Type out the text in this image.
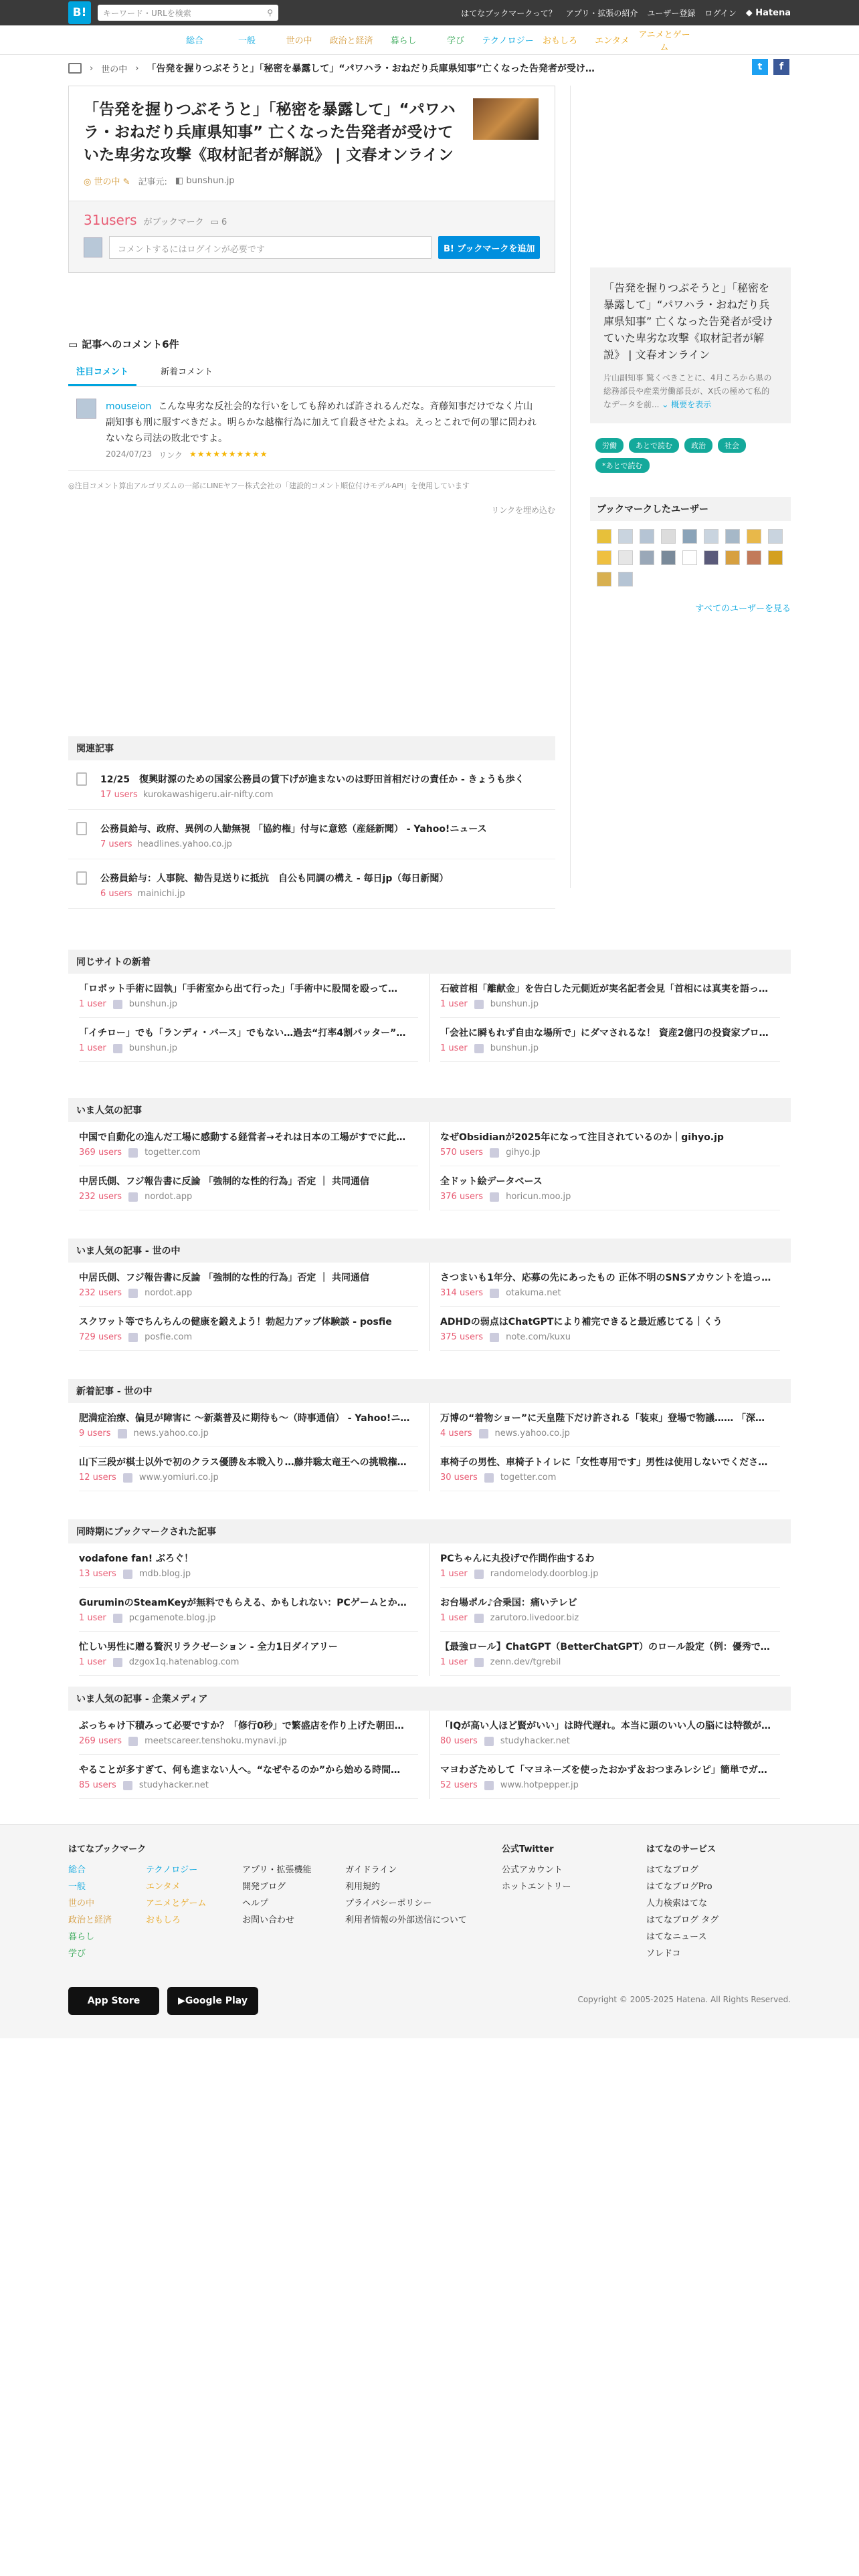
B!	キーワード・URLを検索	⚲	はてなブックマークって？ アプリ・拡張の紹介 ユーザー登録 ログイン ◆ Hatena
総合	一般	世の中	政治と経済	暮らし	学び	テクノロジー	おもしろ	エンタメ
アニメとゲーム
› 世の中 › 「告発を握りつぶそうと」「秘密を暴露して」“パワハラ・おねだり兵庫県知事”亡くなった告発者が受け…	t	f
「告発を握りつぶそうと」「秘密を暴露して」“パワハラ・おねだり兵庫県知事” 亡くなった告発者が受けていた卑劣な攻撃《取材記者が解説》 | 文春オンライン
◎ 世の中 ✎ 記事元: ◧ bunshun.jp
31users がブックマーク ▭ 6
コメントするにはログインが必要です	B! ブックマークを追加
▭ 記事へのコメント6件
注目コメント	新着コメント
mouseion こんな卑劣な反社会的な行いをしても辞めれば許されるんだな。斉藤知事だけでなく片山副知事も刑に服すべきだよ。明らかな越権行為に加えて自殺させたよね。えっとこれで何の罪に問われないなら司法の敗北ですよ。
2024/07/23 リンク ★★★★★★★★★★
◎注目コメント算出アルゴリズムの一部にLINEヤフー株式会社の「建設的コメント順位付けモデルAPI」を使用しています
リンクを埋め込む
関連記事
12/25　復興財源のための国家公務員の賃下げが進まないのは野田首相だけの責任か - きょうも歩く
17 users kurokawashigeru.air-nifty.com
公務員給与、政府、異例の人勧無視 「協約権」付与に意慾（産経新聞） - Yahoo!ニュース
7 users headlines.yahoo.co.jp
公務員給与：人事院、勧告見送りに抵抗　自公も同調の構え - 毎日jp（毎日新聞）
6 users mainichi.jp
「告発を握りつぶそうと」「秘密を暴露して」“パワハラ・おねだり兵庫県知事” 亡くなった告発者が受けていた卑劣な攻撃《取材記者が解説》 | 文春オンライン

片山副知事 驚くべきことに、4月ころから県の総務部長や産業労働部長が、X氏の極めて私的なデータを前... ⌄ 概要を表示

労働	あとで読む	政治	社会
*あとで読む
ブックマークしたユーザー
すべてのユーザーを見る
同じサイトの新着
「ロボット手術に固執」「手術室から出て行った」「手術中に股間を殴って…
1 user	bunshun.jp
「イチロー」でも「ランディ・バース」でもない…過去“打率4割バッター”…
1 user	bunshun.jp
石破首相「離献金」を告白した元側近が実名記者会見「首相には真実を語っ…
1 user	bunshun.jp
「会社に瞬もれず自由な場所で」にダマされるな！ 資産2億円の投資家ブロ…
1 user	bunshun.jp
いま人気の記事
中国で自動化の進んだ工場に感動する経営者→それは日本の工場がすでに此…
369 users	togetter.com
中居氏側、フジ報告書に反論 「強制的な性的行為」否定 ｜ 共同通信
232 users	nordot.app
なぜObsidianが2025年になって注目されているのか｜gihyo.jp
570 users	gihyo.jp
全ドット絵データベース
376 users	horicun.moo.jp
いま人気の記事 - 世の中
中居氏側、フジ報告書に反論 「強制的な性的行為」否定 ｜ 共同通信
232 users	nordot.app
スクワット等でちんちんの健康を鍛えよう！勃起力アップ体験談 - posfie
729 users	posfie.com
さつまいも1年分、応募の先にあったもの 正体不明のSNSアカウントを追っ…
314 users	otakuma.net
ADHDの弱点はChatGPTにより補完できると最近感じてる｜くう
375 users	note.com/kuxu
新着記事 - 世の中
肥満症治療、偏見が障害に ～新薬普及に期待も～（時事通信） - Yahoo!ニ…
9 users	news.yahoo.co.jp
山下三段が棋士以外で初のクラス優勝＆本戦入り…藤井聡太竜王への挑戦権…
12 users	www.yomiuri.co.jp
万博の“着物ショー”に天皇陛下だけ許される「装束」登場で物議…… 「深…
4 users	news.yahoo.co.jp
車椅子の男性、車椅子トイレに「女性専用です」男性は使用しないでくださ…
30 users	togetter.com
同時期にブックマークされた記事
vodafone fan! ぶろぐ！
13 users	mdb.blog.jp
GuruminのSteamKeyが無料でもらえる、かもしれない：PCゲームとか…
1 user	pcgamenote.blog.jp
忙しい男性に贈る贅沢リラクゼーション - 全力1日ダイアリー
1 user	dzgox1q.hatenablog.com
PCちゃんに丸投げで作問作曲するわ
1 user	randomelody.doorblog.jp
お台場ポル♪合乗国：痛いテレビ
1 user	zarutoro.livedoor.biz
【最強ロール】ChatGPT（BetterChatGPT）のロール設定（例：優秀で…
1 user	zenn.dev/tgrebil
いま人気の記事 - 企業メディア
ぶっちゃけ下積みって必要ですか？「修行0秒」で繁盛店を作り上げた朝田…
269 users	meetscareer.tenshoku.mynavi.jp
やることが多すぎて、何も進まない人へ。“なぜやるのか”から始める時間…
85 users	studyhacker.net
「IQが高い人ほど賢がいい」は時代遅れ。本当に頭のいい人の脳には特徴が…
80 users	studyhacker.net
マヨわざためして「マヨネーズを使ったおかず＆おつまみレシピ」簡単でガ…
52 users	www.hotpepper.jp
はてなブックマーク
総合
一般
世の中
政治と経済
暮らし
学び
テクノロジー
エンタメ
アニメとゲーム
おもしろ
アプリ・拡張機能
開発ブログ
ヘルプ
お問い合わせ
ガイドライン
利用規約
プライバシーポリシー
利用者情報の外部送信について
公式Twitter
公式アカウント
ホットエントリー
はてなのサービス
はてなブログ
はてなブログPro
人力検索はてな
はてなブログ タグ
はてなニュース
ソレドコ
App Store	▶ Google Play	Copyright © 2005-2025 Hatena. All Rights Reserved.
